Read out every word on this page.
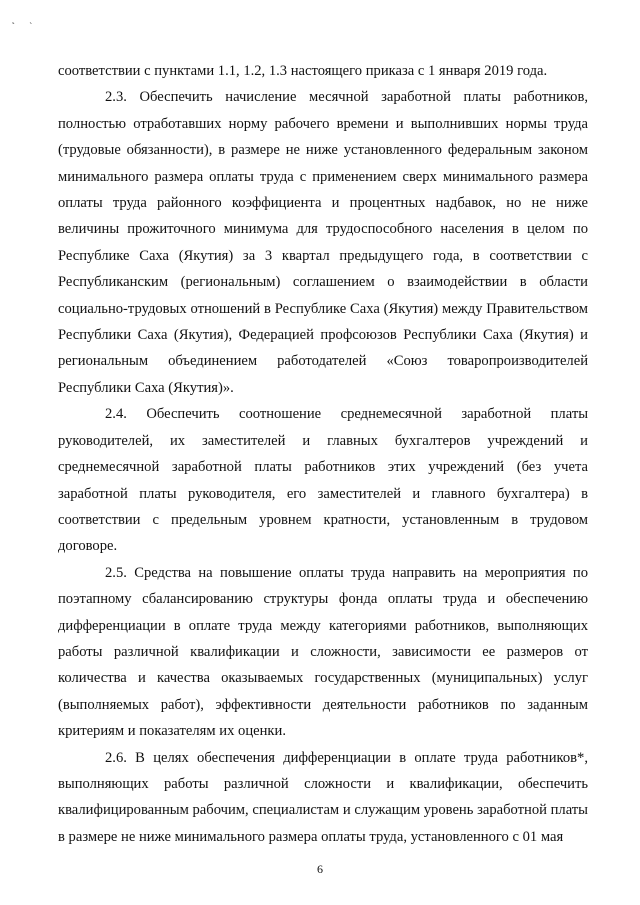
˛ ˎ

соответствии с пунктами 1.1, 1.2, 1.3 настоящего приказа с 1 января 2019 года.

2.3. Обеспечить начисление месячной заработной платы работников, полностью отработавших норму рабочего времени и выполнивших нормы труда (трудовые обязанности), в размере не ниже установленного федеральным законом минимального размера оплаты труда с применением сверх минимального размера оплаты труда районного коэффициента и процентных надбавок, но не ниже величины прожиточного минимума для трудоспособного населения в целом по Республике Саха (Якутия) за 3 квартал предыдущего года, в соответствии с Республиканским (региональным) соглашением о взаимодействии в области социально-трудовых отношений в Республике Саха (Якутия) между Правительством Республики Саха (Якутия), Федерацией профсоюзов Республики Саха (Якутия) и региональным объединением работодателей «Союз товаропроизводителей Республики Саха (Якутия)».

2.4. Обеспечить соотношение среднемесячной заработной платы руководителей, их заместителей и главных бухгалтеров учреждений и среднемесячной заработной платы работников этих учреждений (без учета заработной платы руководителя, его заместителей и главного бухгалтера) в соответствии с предельным уровнем кратности, установленным в трудовом договоре.

2.5. Средства на повышение оплаты труда направить на мероприятия по поэтапному сбалансированию структуры фонда оплаты труда и обеспечению дифференциации в оплате труда между категориями работников, выполняющих работы различной квалификации и сложности, зависимости ее размеров от количества и качества оказываемых государственных (муниципальных) услуг (выполняемых работ), эффективности деятельности работников по заданным критериям и показателям их оценки.

2.6. В целях обеспечения дифференциации в оплате труда работников*, выполняющих работы различной сложности и квалификации, обеспечить квалифицированным рабочим, специалистам и служащим уровень заработной платы в размере не ниже минимального размера оплаты труда, установленного с 01 мая

6
